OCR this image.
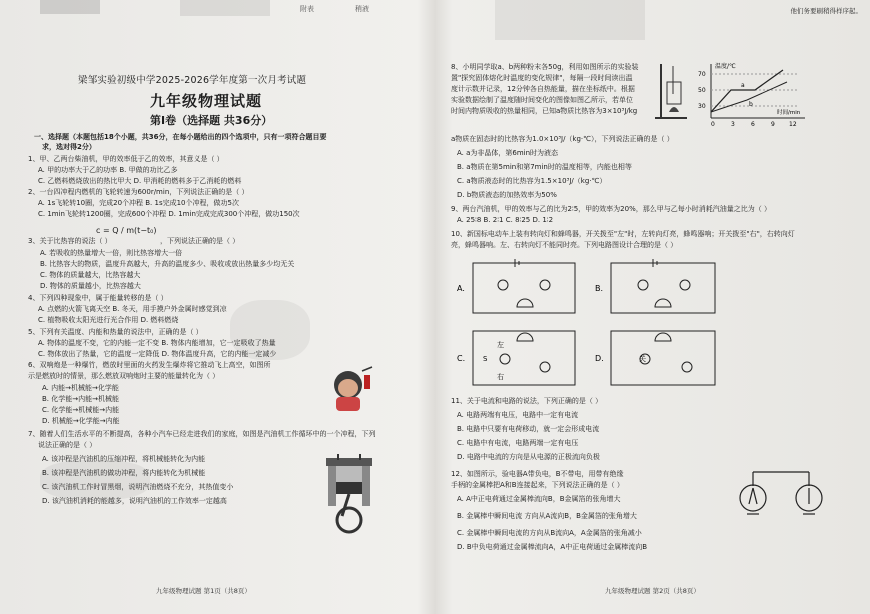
附表	稍液
梁邹实验初级中学2025-2026学年度第一次月考试题
九年级物理试题
第Ⅰ卷（选择题 共36分）
一、选择题（本题包括18个小题，共36分，在每小题给出的四个选项中，只有一项符合题目要
求，选对得2分）
1、甲、乙两台柴油机，甲的效率低于乙的效率，其意义是（ ）
A. 甲的功率大于乙的功率 B. 甲做的功比乙多
C. 乙燃料燃烧放出的热比甲大 D. 甲消耗的燃料多于乙消耗的燃料
2、一台四冲程内燃机的飞轮转速为600r/min，下列说法正确的是（ ）
A. 1s飞轮转10圈，完成20个冲程 B. 1s完成10个冲程，做功5次
C. 1min飞轮转1200圈，完成600个冲程 D. 1min完成完成300个冲程，做功150次
c = Q / m(t−t₀)
3、关于比热容的说法（ ）	，下列说法正确的是（ ）
A. 若吸收的热量增大一倍，则比热容增大一倍
B. 比热容大的物质，温度升高越大，升高的温度多少、吸收或放出热量多少均无关
C. 物体的质量越大，比热容越大
D. 物体的质量越小，比热容越大
4、下列四种现象中，属于能量转移的是（ ）
A. 点燃的火箭飞离天空 B. 冬天，用手摸户外金属时感觉到凉
C. 植物吸收太阳光进行光合作用 D. 燃料燃烧
5、下列有关温度、内能和热量的说法中，正确的是（ ）
A. 物体的温度不变，它的内能一定不变 B. 物体内能增加，它一定吸收了热量
C. 物体放出了热量，它的温度一定降低 D. 物体温度升高，它的内能一定减少
6、双响炮是一种爆竹，燃放时里面的火药发生爆炸将它推动飞上高空，如图所
示是燃放时的情景，那么燃放双响炮时主要的能量转化为（ ）
A. 内能→机械能→化学能
B. 化学能→内能→机械能
C. 化学能→机械能→内能
D. 机械能→化学能→内能
7、随着人们生活水平的不断提高，各种小汽车已经走进我们的家庭，如图是汽油机工作循环中的一个冲程，下列
说法正确的是（ ）
A. 该冲程是汽油机的压缩冲程，将机械能转化为内能
B. 该冲程是汽油机的做功冲程，将内能转化为机械能
C. 该汽油机工作时冒黑烟，说明汽油燃烧不充分，其热值变小
D. 该汽油机消耗的能越多，说明汽油机的工作效率一定越高
九年级物理试题 第1页（共8页）
他们务要刷稍得样序起。
8、小明同学取a、b两种粉末各50g，利用如图所示的实验装
置"探究固体熔化时温度的变化规律"，每隔一段时间读出温
度计示数并记录，12分钟各自热能量，描在坐标纸中。根据
实验数据绘制了温度随时间变化的图像如图乙所示，若单位
时间内物质吸收的热量相同，已知a物质比热容为3×10³J/kg
70
50
30
0	3	6	9 12
温度/℃
时间/min
a
b
a物质在固态时的比热容为1.0×10³J/（kg·℃），下列说法正确的是（ ）
A. a为非晶体，第6min时为液态
B. a物质在第5min和第7min时的温度相等，内能也相等
C. a物质液态时的比热容为1.5×10³J/（kg·℃）
D. b物质液态的加热效率为50%
9、两台汽油机，甲的效率与乙的比为2∶5，甲的效率为20%，那么甲与乙每小时消耗汽油量之比为（ ）
A. 25∶8 B. 2∶1 C. 8∶25 D. 1∶2
10、新国标电动车上装有转向灯和蜂鸣器，开关拨至"左"时，左转向灯亮，蜂鸣器响；开关拨至"右"，右转向灯
亮，蜂鸣器响。左、右转向灯不能同时亮。下列电路图设计合理的是（ ）
A.	B.
C.	D.
左
右
关
S
11、关于电流和电路的说法，下列正确的是（ ）
A. 电路两端有电压，电路中一定有电流
B. 电路中只要有电荷移动，就一定会形成电流
C. 电路中有电流，电路两端一定有电压
D. 电路中电流的方向是从电源的正极流向负极
12、如图所示，验电器A带负电，B不带电，用带有绝缘
手柄的金属棒把A和B连接起来，下列说法正确的是（ ）
A. A中正电荷通过金属棒流向B，B金属箔的张角增大
B. 金属棒中瞬间电流 方向从A流向B，B金属箔的张角增大
C. 金属棒中瞬间电流的方向从B流向A，A金属箔的张角减小
D. B中负电荷通过金属棒流向A，A中正电荷通过金属棒流向B
九年级物理试题 第2页（共8页）
